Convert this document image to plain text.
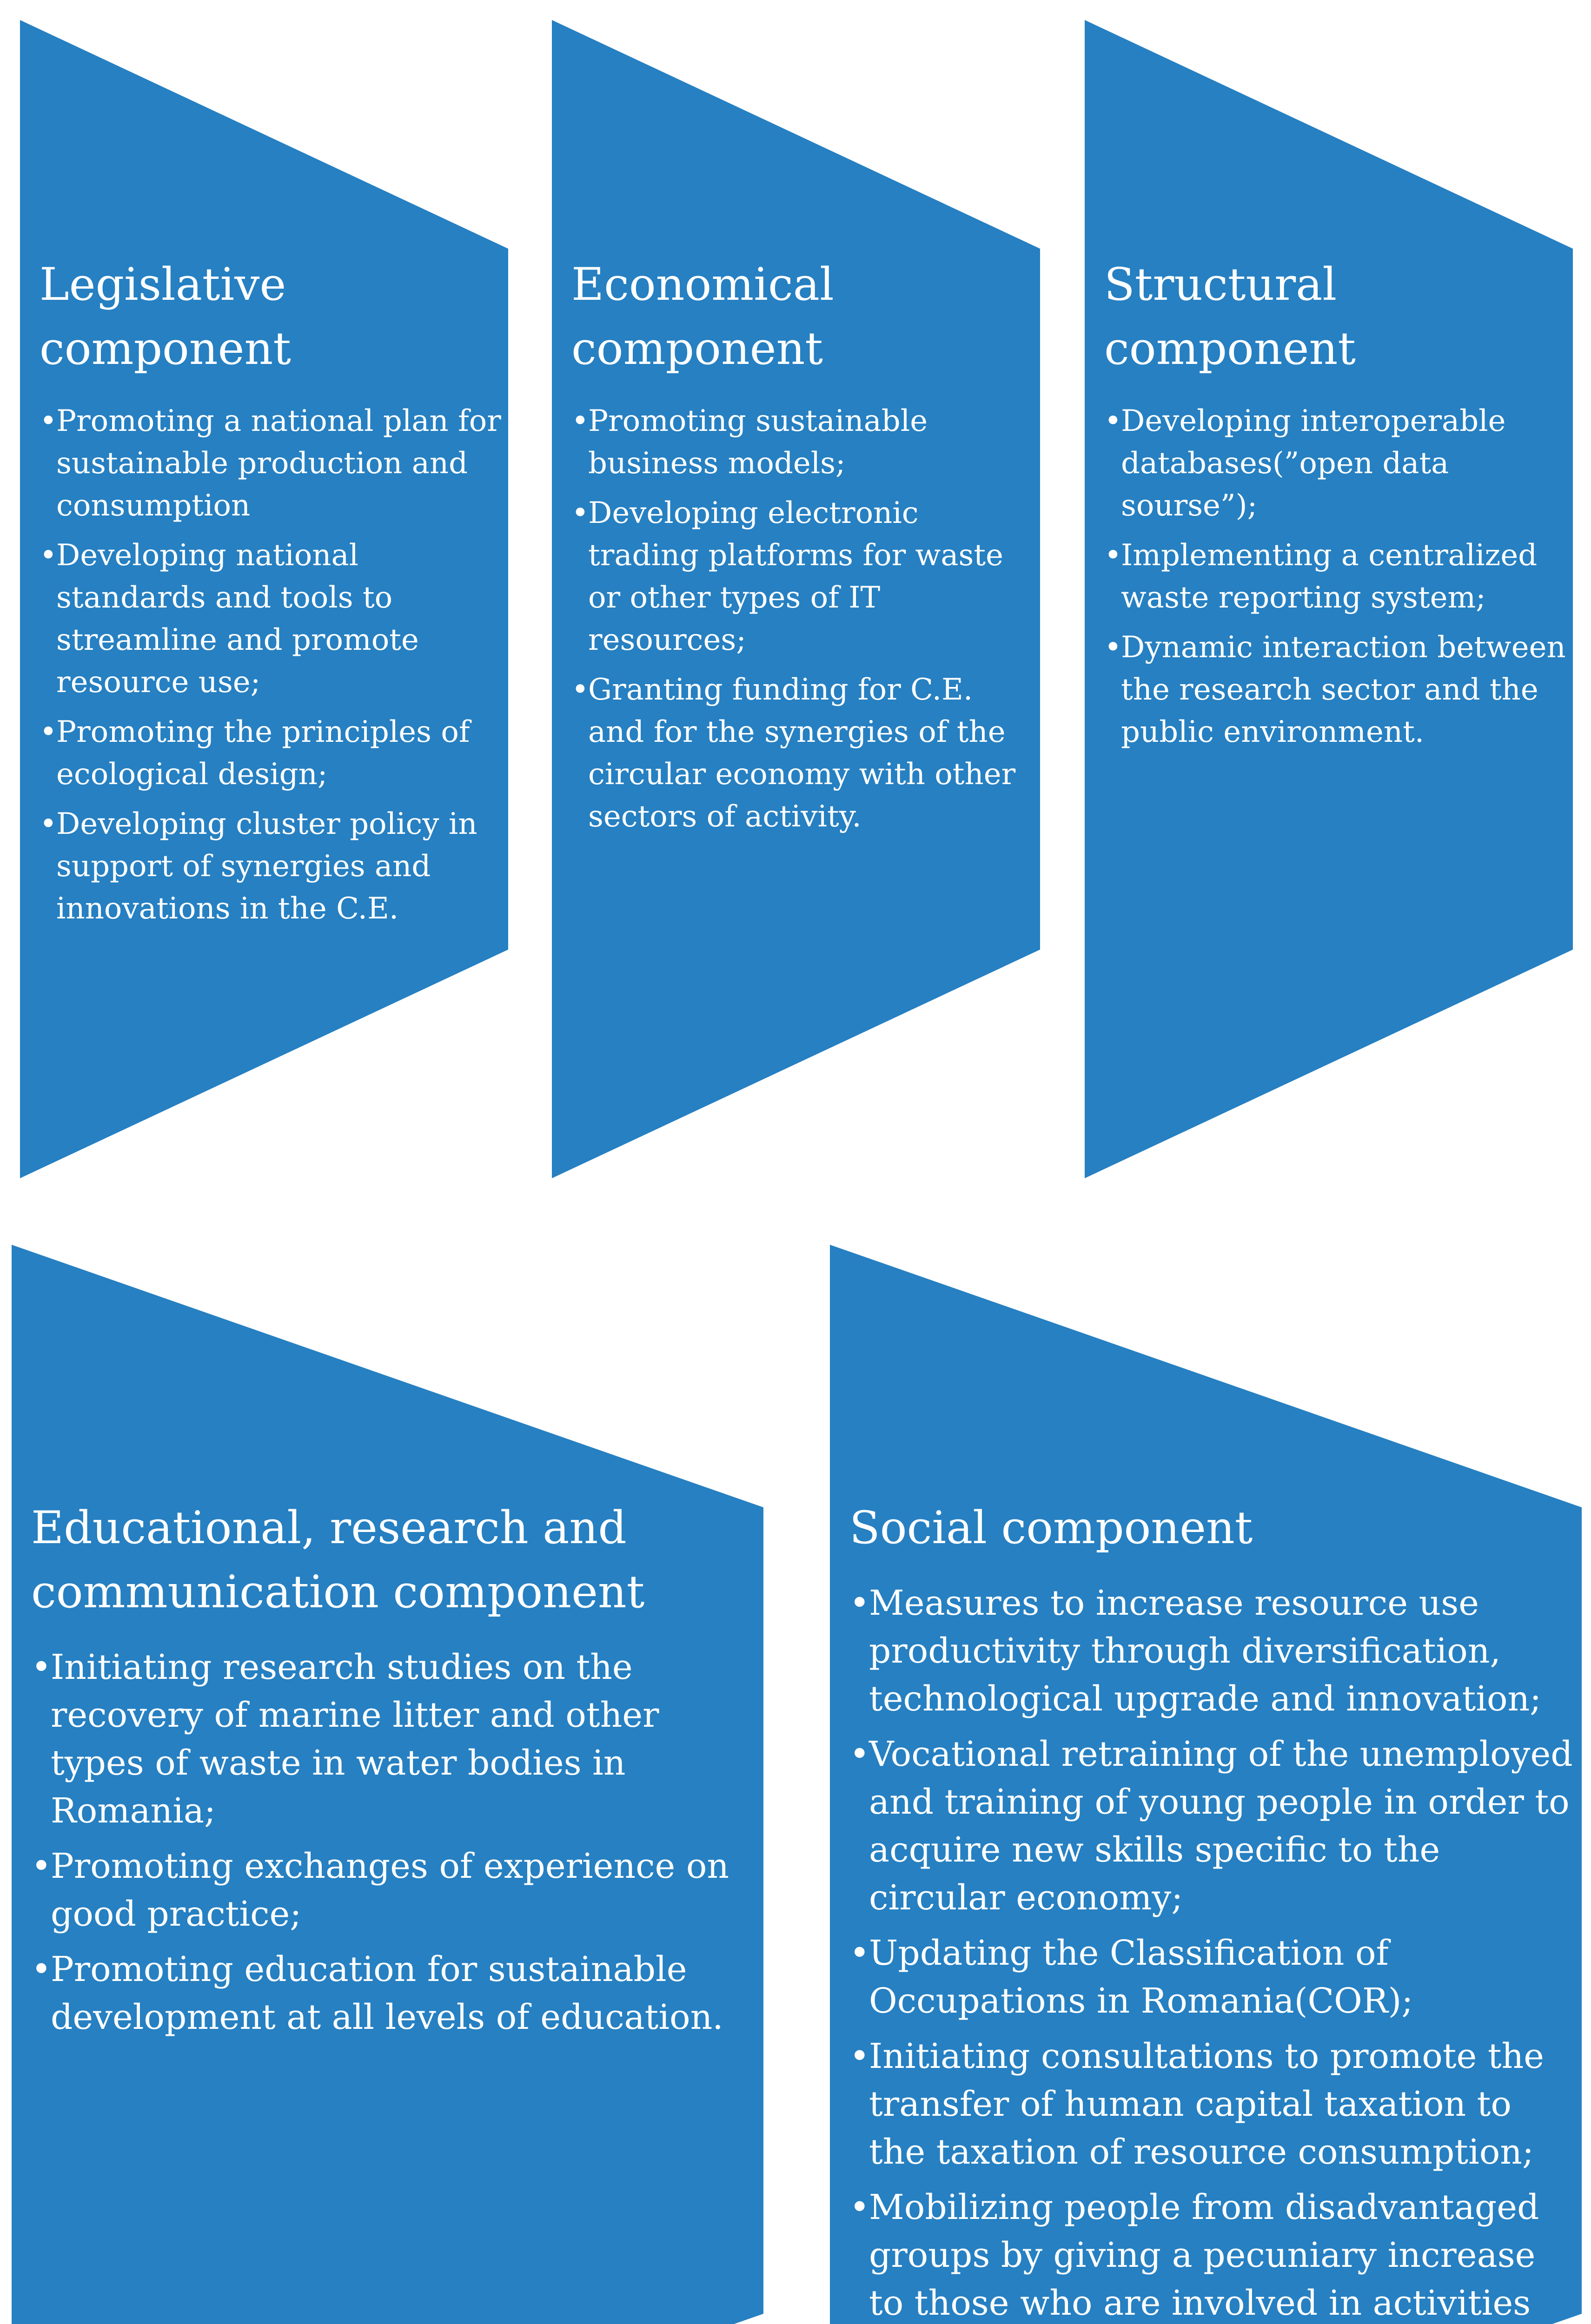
Legislative
component
• Promoting a national plan for sustainable production and consumption
• Developing national standards and tools to streamline and promote resource use;
• Promoting the principles of ecological design;
• Developing cluster policy in support of synergies and innovations in the C.E.
Economical
component
• Promoting sustainable business models;
• Developing electronic trading platforms for waste or other types of IT resources;
• Granting funding for C.E. and for the synergies of the circular economy with other sectors of activity.
Structural
component
• Developing interoperable databases(”open data sourse”);
• Implementing a centralized waste reporting system;
• Dynamic interaction between the research sector and the public environment.
Educational, research and
communication component
• Initiating research studies on the recovery of marine litter and other types of waste in water bodies in Romania;
• Promoting exchanges of experience on good practice;
• Promoting education for sustainable development at all levels of education.
Social component
• Measures to increase resource use productivity through diversification, technological upgrade and innovation;
• Vocational retraining of the unemployed and training of young people in order to acquire new skills specific to the circular economy;
• Updating the Classification of Occupations in Romania(COR);
• Initiating consultations to promote the transfer of human capital taxation to the taxation of resource consumption;
• Mobilizing people from disadvantaged groups by giving a pecuniary increase to those who are involved in activities
